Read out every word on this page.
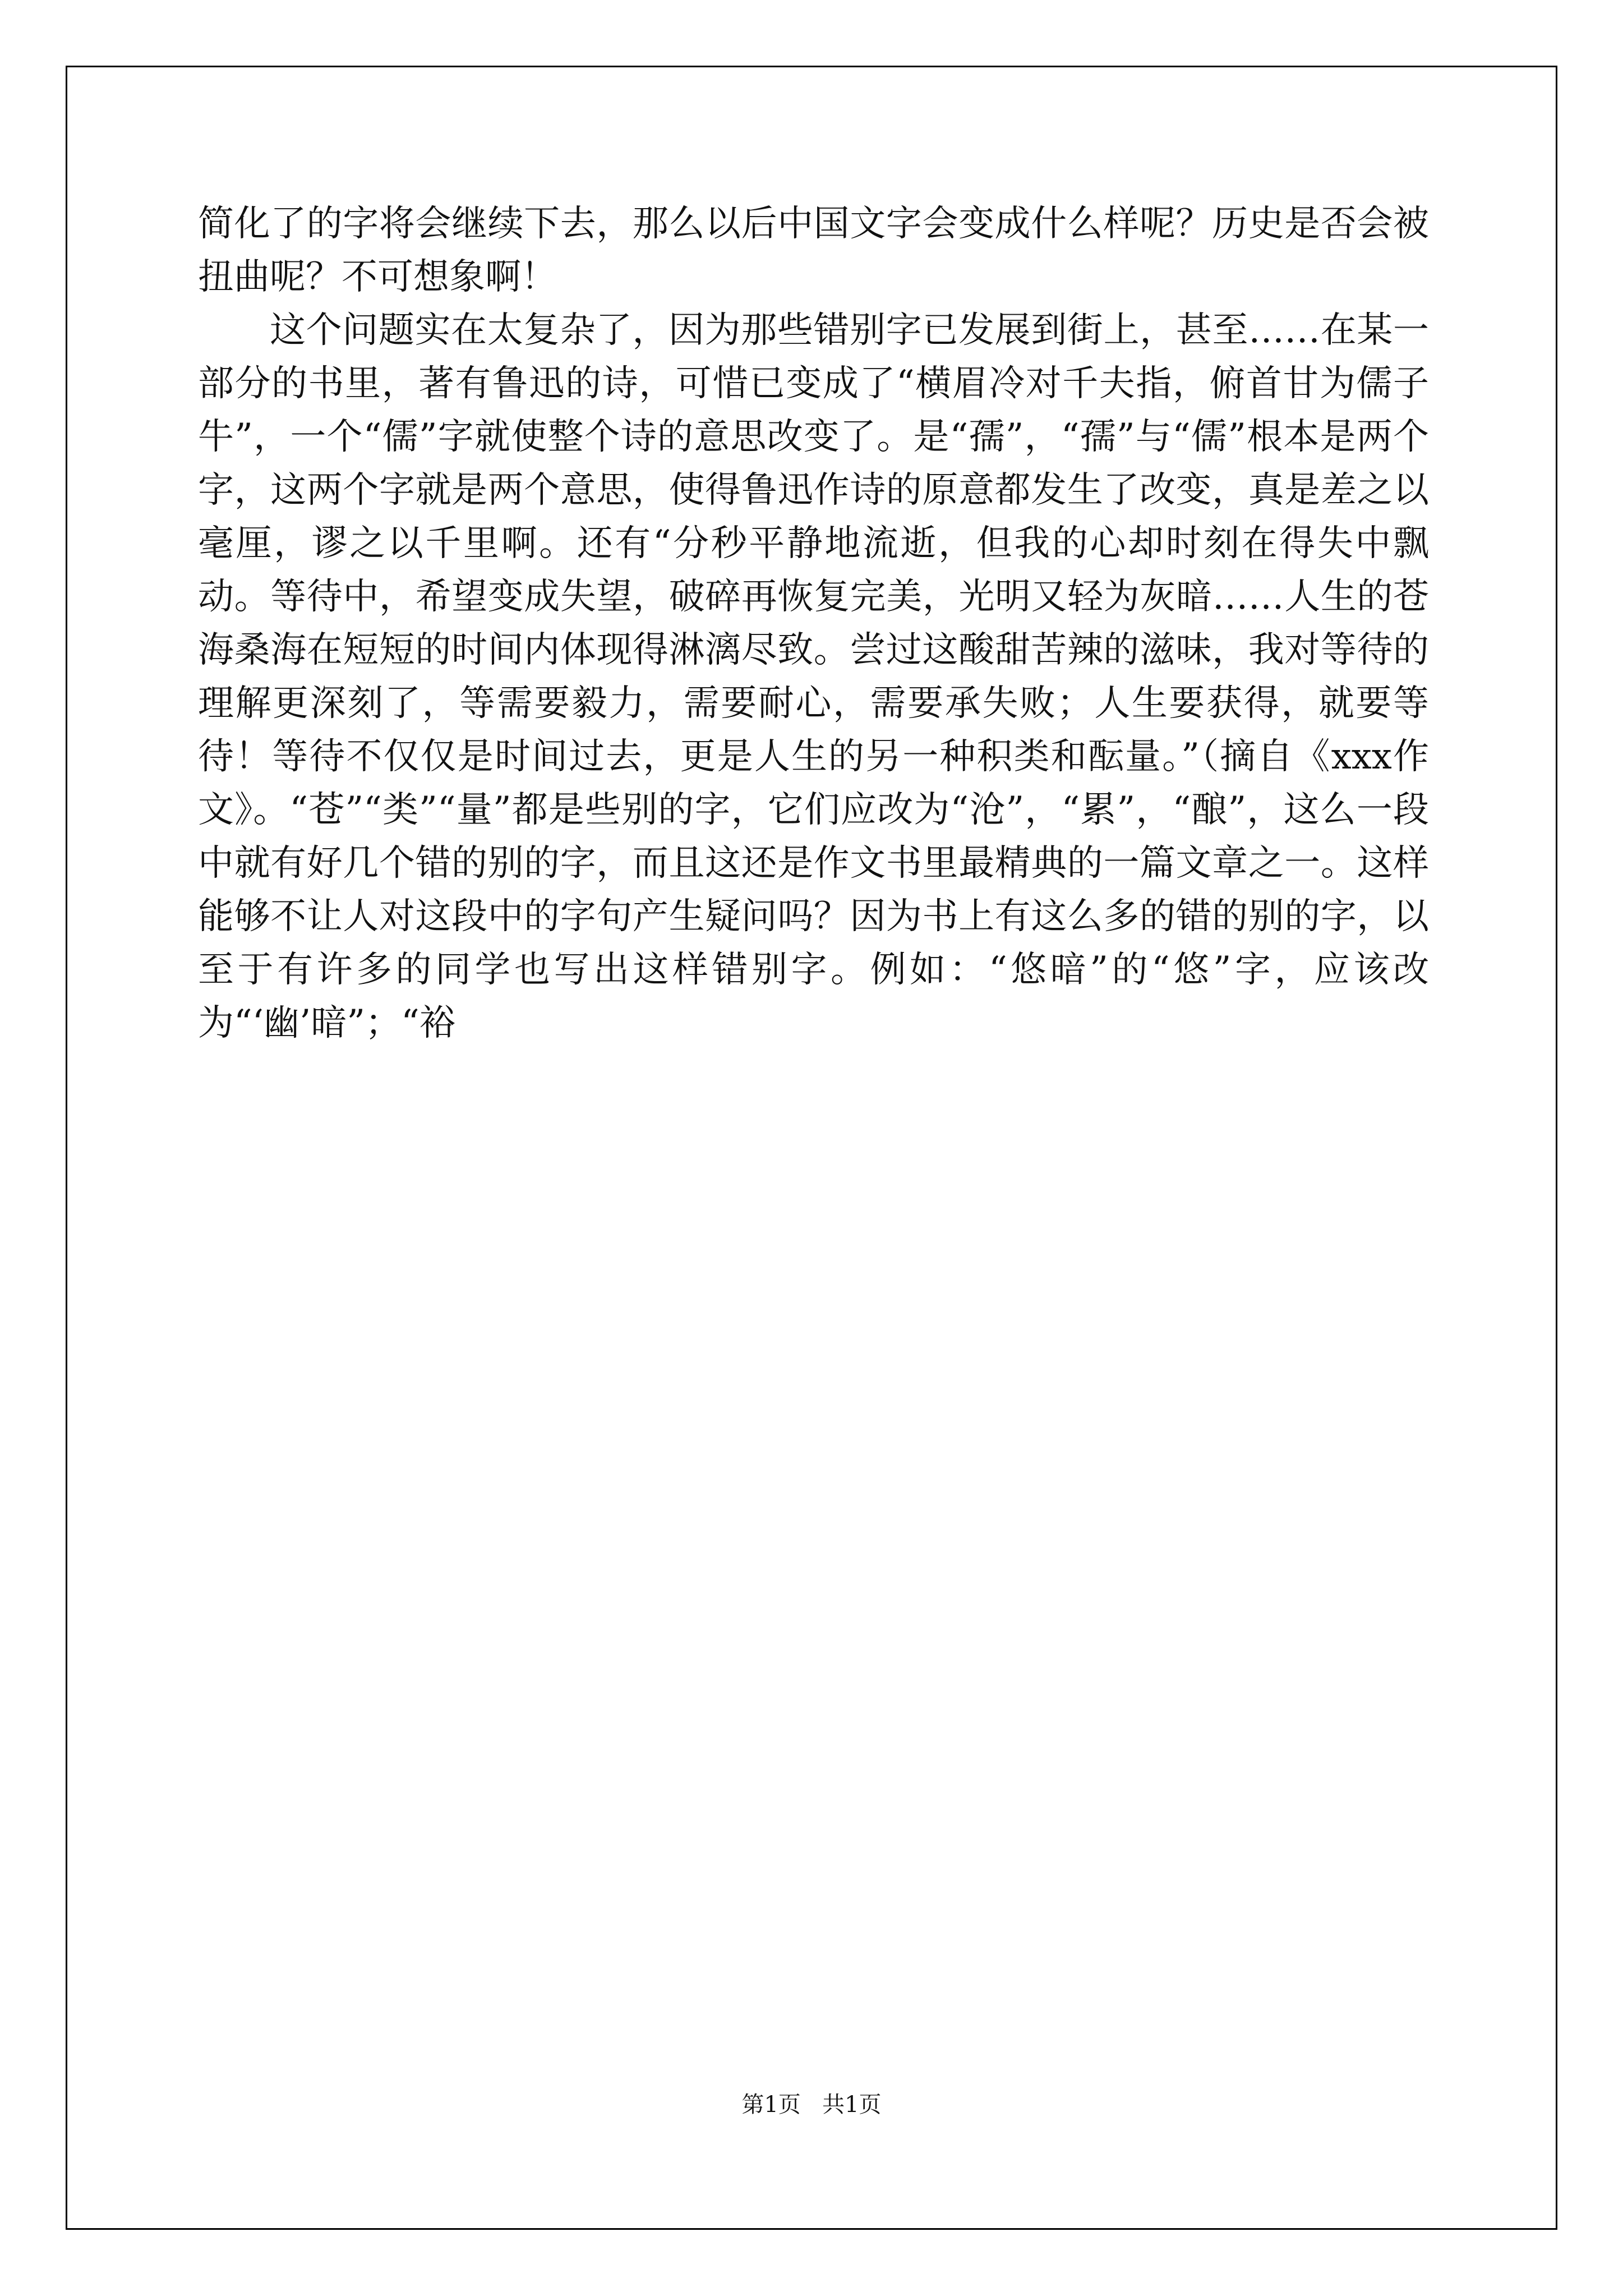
简化了的字将会继续下去，那么以后中国文字会变成什么样呢？历史是否会被扭曲呢？不可想象啊！

这个问题实在太复杂了，因为那些错别字已发展到街上，甚至……在某一部分的书里，著有鲁迅的诗，可惜已变成了“横眉冷对千夫指，俯首甘为儒子牛”，一个“儒”字就使整个诗的意思改变了。是“孺”，“孺”与“儒”根本是两个字，这两个字就是两个意思，使得鲁迅作诗的原意都发生了改变，真是差之以毫厘，谬之以千里啊。还有“分秒平静地流逝，但我的心却时刻在得失中飘动。等待中，希望变成失望，破碎再恢复完美，光明又轻为灰暗……人生的苍海桑海在短短的时间内体现得淋漓尽致。尝过这酸甜苦辣的滋味，我对等待的理解更深刻了，等需要毅力，需要耐心，需要承失败；人生要获得，就要等待！等待不仅仅是时间过去，更是人生的另一种积类和酝量。”（摘自《xxx作文》。“苍”“类”“量”都是些别的字，它们应改为“沧”，“累”，“酿”，这么一段中就有好几个错的别的字，而且这还是作文书里最精典的一篇文章之一。这样能够不让人对这段中的字句产生疑问吗？因为书上有这么多的错的别的字，以至于有许多的同学也写出这样错别字。例如：“悠暗”的“悠”字，应该改为“‘幽’暗”；“裕

第1页 共1页
